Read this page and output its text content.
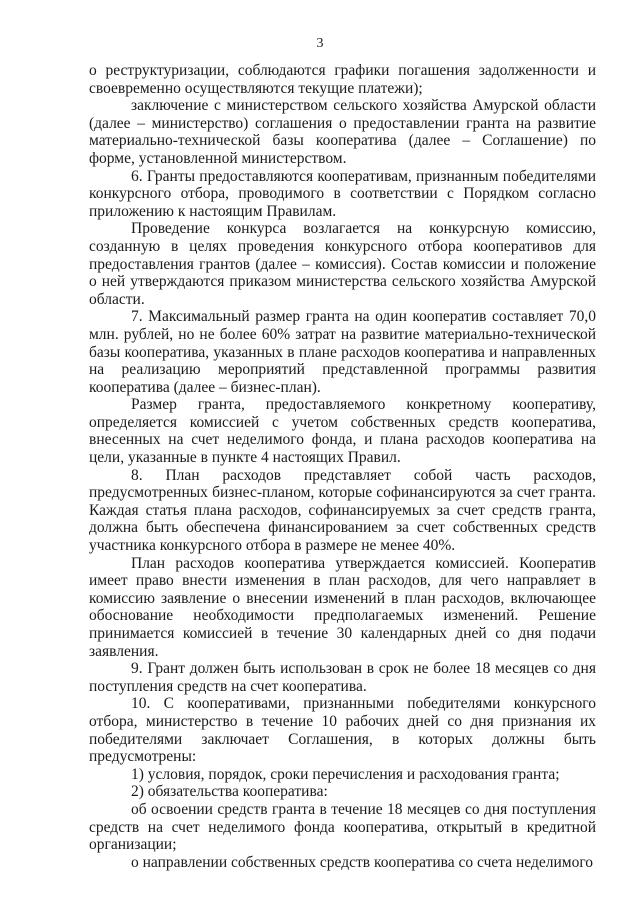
3

о реструктуризации, соблюдаются графики погашения задолженности и своевременно осуществляются текущие платежи);

заключение с министерством сельского хозяйства Амурской области (далее – министерство) соглашения о предоставлении гранта на развитие материально-технической базы кооператива (далее – Соглашение) по форме, установленной министерством.

6. Гранты предоставляются кооперативам, признанным победителями конкурсного отбора, проводимого в соответствии с Порядком согласно приложению к настоящим Правилам.

Проведение конкурса возлагается на конкурсную комиссию, созданную в целях проведения конкурсного отбора кооперативов для предоставления грантов (далее – комиссия). Состав комиссии и положение о ней утверждаются приказом министерства сельского хозяйства Амурской области.

7. Максимальный размер гранта на один кооператив составляет 70,0 млн. рублей, но не более 60% затрат на развитие материально-технической базы кооператива, указанных в плане расходов кооператива и направленных на реализацию мероприятий представленной программы развития кооператива (далее – бизнес-план).

Размер гранта, предоставляемого конкретному кооперативу, определяется комиссией с учетом собственных средств кооператива, внесенных на счет неделимого фонда, и плана расходов кооператива на цели, указанные в пункте 4 настоящих Правил.

8. План расходов представляет собой часть расходов, предусмотренных бизнес-планом, которые софинансируются за счет гранта. Каждая статья плана расходов, софинансируемых за счет средств гранта, должна быть обеспечена финансированием за счет собственных средств участника конкурсного отбора в размере не менее 40%.

План расходов кооператива утверждается комиссией. Кооператив имеет право внести изменения в план расходов, для чего направляет в комиссию заявление о внесении изменений в план расходов, включающее обоснование необходимости предполагаемых изменений. Решение принимается комиссией в течение 30 календарных дней со дня подачи заявления.

9. Грант должен быть использован в срок не более 18 месяцев со дня поступления средств на счет кооператива.

10. С кооперативами, признанными победителями конкурсного отбора, министерство в течение 10 рабочих дней со дня признания их победителями заключает Соглашения, в которых должны быть предусмотрены:

1) условия, порядок, сроки перечисления и расходования гранта;

2) обязательства кооператива:

об освоении средств гранта в течение 18 месяцев со дня поступления средств на счет неделимого фонда кооператива, открытый в кредитной организации;

о направлении собственных средств кооператива со счета неделимого
